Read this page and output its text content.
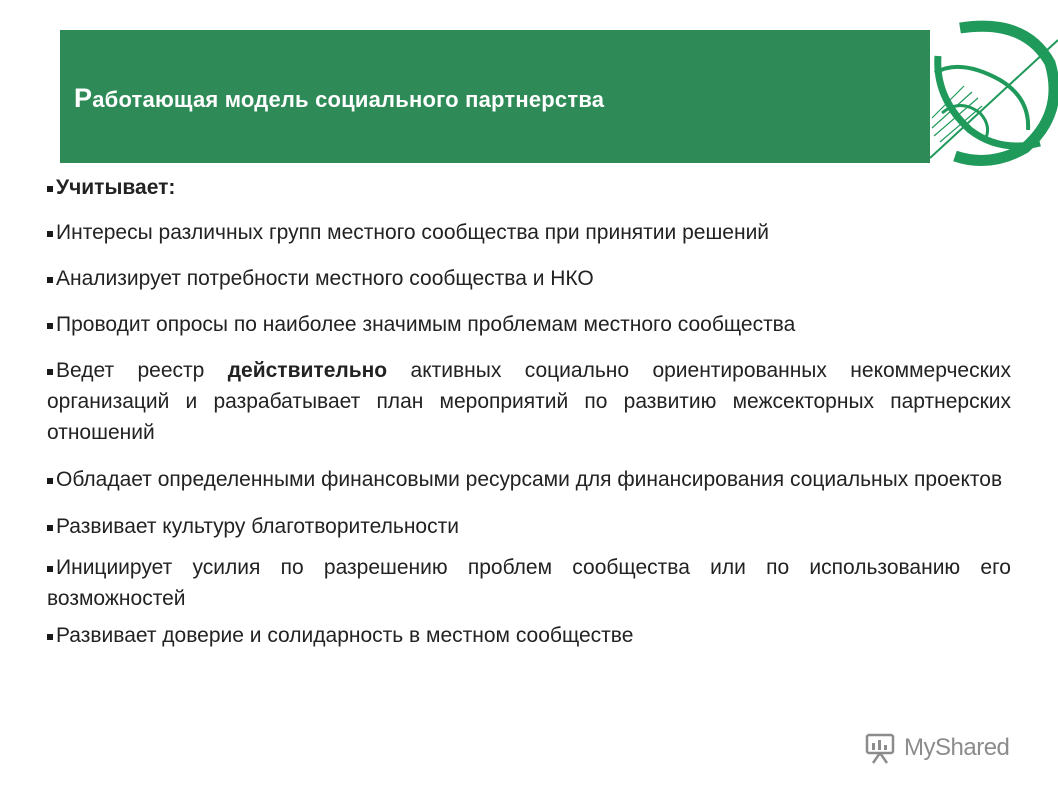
Работающая модель социального партнерства

Учитывает:

Интересы различных групп местного сообщества при принятии решений

Анализирует потребности местного сообщества и НКО

Проводит опросы по наиболее значимым проблемам местного сообщества

Ведет реестр действительно активных социально ориентированных некоммерческих организаций и разрабатывает план мероприятий по развитию межсекторных партнерских отношений

Обладает определенными финансовыми ресурсами для финансирования социальных проектов

Развивает культуру благотворительности

Инициирует усилия по разрешению проблем сообщества или по использованию его возможностей

Развивает доверие и солидарность в местном сообществе

MyShared
